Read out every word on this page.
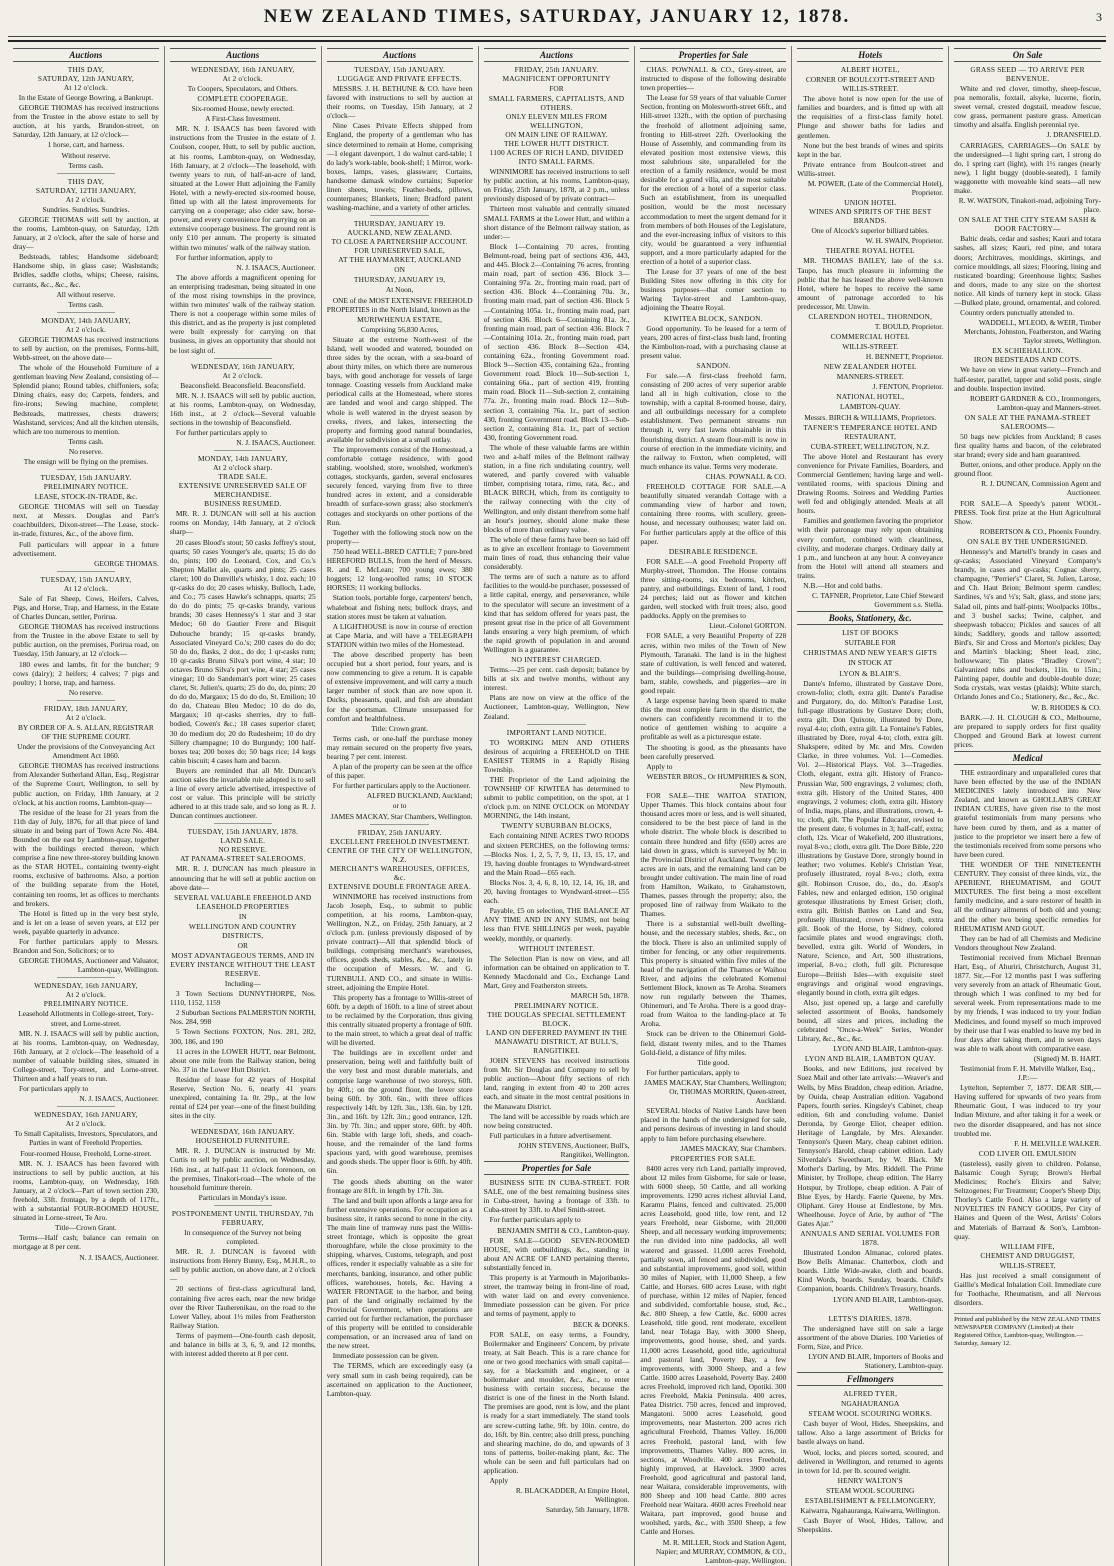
NEW ZEALAND TIMES, SATURDAY, JANUARY 12, 1878.	3
Auctions
THIS DAY,
SATURDAY, 12th JANUARY,
At 12 o'clock.
In the Estate of George Bowring, a Bankrupt.
GEORGE THOMAS has received instructions from the Trustee in the above estate to sell by auction, at his yards, Brandon-street, on Saturday, 12th January, at 12 o'clock—
1 horse, cart, and harness.
Without reserve.
Terms cash.
THIS DAY,
SATURDAY, 12TH JANUARY,
At 2 o'clock.
Sundries. Sundries. Sundries.
GEORGE THOMAS will sell by auction, at the rooms, Lambton-quay, on Saturday, 12th January, at 2 o'clock, after the sale of horse and dray—
Bedsteads, tables; Handsome sideboard; Handsome ship, in glass case; Washstands; Bridles, saddle cloths, whips; Cheese, raisins, currants, &c., &c., &c.
All without reserve.
Terms cash.
MONDAY, 14th JANUARY,
At 2 o'clock.
GEORGE THOMAS has received instructions to sell by auction, on the premises, Forms-hill, Webb-street, on the above date—
The whole of the Household Furniture of a gentleman leaving New Zealand, consisting of—Splendid piano; Round tables, chiffoniers, sofa; Dining chairs, easy do; Carpets, fenders, and fire-irons; Sewing machine, complete; Bedsteads, mattresses, chests drawers; Washstand, services; And all the kitchen utensils, which are too numerous to mention.
Terms cash.
No reserve.
The ensign will be flying on the premises.
TUESDAY, 15th JANUARY.
PRELIMINARY NOTICE.
LEASE, STOCK-IN-TRADE, &c.
GEORGE THOMAS will sell on Tuesday next, at Messrs. Douglas and Parr's coachbuilders, Dixon-street—The Lease, stock-in-trade, fixtures, &c., of the above firm.
Full particulars will appear in a future advertisement.
GEORGE THOMAS.
TUESDAY, 15th JANUARY,
At 12 o'clock.
Sale of Fat Sheep, Cows, Heifers, Calves, Pigs, and Horse, Trap, and Harness, in the Estate of Charles Duncan, settler, Porirua.
GEORGE THOMAS has received instructions from the Trustee in the above Estate to sell by public auction, on the premises, Porirua road, on Tuesday, 15th January, at 12 o'clock—
180 ewes and lambs, fit for the butcher; 9 cows (dairy); 2 heifers; 4 calves; 7 pigs and poultry; 1 horse, trap, and harness.
No reserve.
FRIDAY, 18th JANUARY,
At 2 o'clock.
BY ORDER OF A. S. ALLAN, REGISTRAR OF THE SUPREME COURT.
Under the provisions of the Conveyancing Act Amendment Act 1860.
GEORGE THOMAS has received instructions from Alexander Sutherland Allan, Esq., Registrar of the Supreme Court, Wellington, to sell by public auction, on Friday, 18th January, at 2 o'clock, at his auction rooms, Lambton-quay—
The residue of the lease for 21 years from the 11th day of July, 1876, for all that piece of land situate in and being part of Town Acre No. 484. Bounded on the east by Lambton-quay, together with the buildings erected thereon, which comprise a fine new three-storey building known as the STAR HOTEL, containing twenty-eight rooms, exclusive of bathrooms. Also, a portion of the building separate from the Hotel, containing ten rooms, let as offices to merchants and brokers.
The Hotel is fitted up in the very best style, and is let on a lease of seven years, at £12 per week, payable quarterly in advance.
For further particulars apply to Messrs. Brandon and Son, Solicitors; or to
GEORGE THOMAS, Auctioneer and Valuator, Lambton-quay, Wellington.
WEDNESDAY, 16th JANUARY,
At 2 o'clock.
PRELIMINARY NOTICE.
Leasehold Allotments in College-street, Tory-street, and Lorne-street.
MR. N. J. ISAACS will sell by public auction, at his rooms, Lambton-quay, on Wednesday, 16th January, at 2 o'clock—The leasehold of a number of valuable building sites, situated in College-street, Tory-street, and Lorne-street. Thirteen and a half years to run.
For particulars apply to
N. J. ISAACS, Auctioneer.
WEDNESDAY, 16th JANUARY,
At 2 o'clock.
To Small Capitalists, Investors, Speculators, and Parties in want of Freehold Properties.
Four-roomed House, Freehold, Lorne-street.
MR. N. J. ISAACS has been favored with instructions to sell by public auction, at his rooms, Lambton-quay, on Wednesday, 16th January, at 2 o'clock—Part of town section 230, freehold, 33ft. frontage, by a depth of 117ft., with a substantial FOUR-ROOMED HOUSE, situated in Lorne-street, Te Aro.
Title—Crown Grant.
Terms—Half cash; balance can remain on mortgage at 8 per cent.
N. J. ISAACS, Auctioneer.
Auctions
WEDNESDAY, 16th JANUARY,
At 2 o'clock.
To Coopers, Speculators, and Others.
COMPLETE COOPERAGE.
Six-roomed House, newly erected.
A First-Class Investment.
MR. N. J. ISAACS has been favored with instructions from the Trustee in the estate of J. Coulson, cooper, Hutt, to sell by public auction, at his rooms, Lambton-quay, on Wednesday, 16th January, at 2 o'clock—The leasehold, with twenty years to run, of half-an-acre of land, situated at the Lower Hutt adjoining the Family Hotel, with a newly-erected six-roomed house, fitted up with all the latest improvements for carrying on a cooperage; also cider saw, horse-power, and every convenience for carrying on an extensive cooperage business. The ground rent is only £10 per annum. The property is situated within two minutes' walk of the railway station.
For further information, apply to
N. J. ISAACS, Auctioneer.
The above affords a magnificent opening for an enterprising tradesman, being situated in one of the most rising townships in the province, within two minutes' walk of the railway station. There is not a cooperage within some miles of this district, and as the property is just completed were built expressly for carrying on that business, in gives an opportunity that should not be lost sight of.
WEDNESDAY, 16th JANUARY,
At 2 o'clock.
Beaconsfield. Beaconsfield. Beaconsfield.
MR. N. J. ISAACS will sell by public auction, at his rooms, Lambton-quay, on Wednesday, 16th inst., at 2 o'clock—Several valuable sections in the township of Beaconsfield.
For further particulars apply to
N. J. ISAACS, Auctioneer.
MONDAY, 14th JANUARY,
At 2 o'clock sharp.
TRADE SALE.
EXTENSIVE UNRESERVED SALE OF MERCHANDISE.
BUSINESS RESUMED.
MR. R. J. DUNCAN will sell at his auction rooms on Monday, 14th January, at 2 o'clock sharp—
20 cases Blood's stout; 50 casks Jeffrey's stout, quarts; 50 cases Younger's ale, quarts; 15 do do do, pints; 100 do Leonard, Cox, and Co.'s Shepton Mallet ale, quarts and pints; 25 cases claret; 100 do Dunville's whisky, 1 doz. each; 10 qr-casks do do; 20 cases whisky, Bulloch, Lade, and Co.; 75 cases Hawke's schnapps, quarts; 25 do do do pints; 75 qr-casks brandy, various brands; 30 cases Hennessy's 1 star and 3 star Medoc; 60 do Gautier Frere and Bisquit Dubouche brandy; 15 qr-casks brandy, Associated Vineyard Co.'s; 200 cases do do do; 50 do do, flasks, 2 doz., do do; 1 qr-casks rum; 10 qr-casks Bruno Silva's port wine, 4 star; 10 octaves Bruno Silva's port wine, 4 star; 25 cases vinegar; 10 do Sandeman's port wine; 25 cases claret, St. Julien's, quarts; 25 do do, do, pints; 20 do do do, Margaux; 15 do do do, St. Emilion; 10 do do, Chateau Bleu Medoc; 10 do do do, Margaux; 10 qr-casks sherries, dry to full-bodied, Cowen's &c.; 18 cases superior claret; 30 do medium do; 20 do Rudesheim; 10 do dry Sillery champagne; 10 do Burgundy; 100 half-boxes tea; 200 boxes do; 50 bags rice; 14 kegs cabin biscuit; 4 cases ham and bacon.
Buyers are reminded that all Mr. Duncan's auction sales the invariable rule adopted is to sell a line of every article advertised, irrespective of cost or value. This principle will be strictly adhered to at this trade sale, and so long as R. J. Duncan continues auctioneer.
TUESDAY, 15th JANUARY, 1878.
LAND SALE.
NO RESERVE.
AT PANAMA-STREET SALEROOMS.
MR. R. J. DUNCAN has much pleasure in announcing that he will sell at public auction on above date—
SEVERAL VALUABLE FREEHOLD AND LEASEHOLD PROPERTIES
IN
WELLINGTON AND COUNTRY DISTRICTS,
OR
MOST ADVANTAGEOUS TERMS, AND IN EVERY INSTANCE WITHOUT THE LEAST RESERVE.
Including—
3 Town Sections DUNNYTHORPE, Nos. 1110, 1152, 1159
2 Suburban Sections PALMERSTON NORTH, Nos. 284, 998
5 Town Sections FOXTON, Nos. 281, 282, 300, 186, and 190
11 acres in the LOWER HUTT, near Belmont, about one mile from the Railway station, being No. 37 in the Lower Hutt District.
Residue of lease for 42 years of Hospital Reserve, Section No. 6, nearly 41 years unexpired, containing 1a. 0r. 29p., at the low rental of £24 per year—one of the finest building sites in the city.
WEDNESDAY, 16th JANUARY.
HOUSEHOLD FURNITURE.
MR. R. J. DUNCAN is instructed by Mr. Curtis to sell by public auction, on Wednesday, 16th inst., at half-past 11 o'clock forenoon, on the premises, Tinakori-road—The whole of the household furniture therein.
Particulars in Monday's issue.
POSTPONEMENT UNTIL THURSDAY, 7th FEBRUARY,
In consequence of the Survey not being completed.
MR. R. J. DUNCAN is favored with instructions from Henry Bunny, Esq., M.H.R., to sell by public auction, on above date, at 2 o'clock—
20 sections of first-class agricultural land, containing five acres each, near the new bridge over the River Tauherenikau, on the road to the Lower Valley, about 1½ miles from Featherston Railway Station.
Terms of payment—One-fourth cash deposit, and balance in bills at 3, 6, 9, and 12 months, with interest added thereto at 8 per cent.
Auctions
TUESDAY, 15th JANUARY.
LUGGAGE AND PRIVATE EFFECTS.
MESSRS. J. H. BETHUNE & CO. have been favored with instructions to sell by auction at their rooms, on Tuesday, 15th January, at 2 o'clock—
Nine Cases Private Effects shipped from England, the property of a gentleman who has since determined to remain at Home, comprising—1 elegant davenport, 1 do walnut card-table; 1 do lady's work-table, book-shelf; 1 Mirror, work-boxes, lamps, vases, glassware; Curtains, handsome damask window curtains; Superior linen sheets, towels; Feather-beds, pillows, counterpanes; Blankets, linen; Bradford patent washing-machine, and a variety of other articles.
THURSDAY, JANUARY 19.
AUCKLAND, NEW ZEALAND.
TO CLOSE A PARTNERSHIP ACCOUNT.
FOR UNRESERVED SALE,
AT THE HAYMARKET, AUCKLAND
ON
THURSDAY, JANUARY 19,
At Noon,
ONE of the MOST EXTENSIVE FREEHOLD PROPERTIES in the North Island, known as the
MURIWHENUA ESTATE,
Comprising 56,830 Acres,
Situate at the extreme North-west of the Island, well wooded and watered, bounded on three sides by the ocean, with a sea-board of about thirty miles, on which there are numerous bays, with good anchorage for vessels of large tonnage. Coasting vessels from Auckland make periodical calls at the Homestead, where stores are landed and wool and cargo shipped. The whole is well watered in the dryest season by creeks, rivers, and lakes, intersecting the property and forming good natural boundaries, available for subdivision at a small outlay.
The improvements consist of the Homestead, a comfortable cottage residence, with good stabling, woolshed, store, woolshed, workmen's cottages, stockyards, garden, several enclosures securely fenced, varying from five to three hundred acres in extent, and a considerable breadth of surface-sown grass; also stockmen's cottages and stockyards on other portions of the Run.
Together with the following stock now on the property—
750 head WELL-BRED CATTLE; 7 pure-bred HEREFORD BULLS, from the herd of Messrs. R. and E. McLean; 700 young ewes; 380 hoggets; 12 long-woolled rams; 10 STOCK HORSES; 11 working bullocks.
Station tools, portable forge, carpenters' bench, whaleboat and fishing nets; bullock drays, and station stores must be taken at valuation.
A LIGHTHOUSE is now in course of erection at Cape Maria, and will have a TELEGRAPH STATION within two miles of the Homestead.
The above described property has been occupied but a short period, four years, and is now commencing to give a return. It is capable of extensive improvement, and will carry a much larger number of stock than are now upon it. Ducks, pheasants, quail, and fish are abundant for the sportsman. Climate unsurpassed for comfort and healthfulness.
Title: Crown grant.
Terms cash, or one-half the purchase money may remain secured on the property five years, bearing 7 per cent. interest.
A plan of the property can be seen at the office of this paper.
For further particulars apply to the Auctioneer.
ALFRED BUCKLAND, Auckland;
or to
JAMES MACKAY, Star Chambers, Wellington.
FRIDAY, 25th JANUARY.
EXCELLENT FREEHOLD INVESTMENT.
CENTRE OF THE CITY OF WELLINGTON, N.Z.
MERCHANT'S WAREHOUSES, OFFICES, &c.
EXTENSIVE DOUBLE FRONTAGE AREA.
WINNIMORE has received instructions from Jacob Joseph, Esq., to submit to public competition, at his rooms, Lambton-quay, Wellington, N.Z., on Friday, 25th January, at 2 o'clock p.m. (unless previously disposed of by private contract)—All that splendid block of buildings, comprising merchant's warehouses, offices, goods sheds, stables, &c., &c., lately in the occupation of Messrs. W. and G. TURNBULL AND CO., and situate in Willis-street, adjoining the Empire Hotel.
This property has a frontage to Willis-street of 60ft. by a depth of 160ft. to a line of street about to be reclaimed by the Corporation, thus giving this centrally situated property a frontage of 60ft. to the main street, to which a great deal of traffic will be diverted.
The buildings are in excellent order and preservation, being well and faithfully built of the very best and most durable materials, and comprise large warehouse of two storeys, 60ft. by 40ft.; on the ground floor, the lower store being 60ft. by 30ft. 6in., with three offices respectively 14ft. by 12ft. 3in., 13ft. 6in. by 12ft. 3in., and 16ft. by 12ft. 3in.; good entrance, 12ft. 3in. by 7ft. 3in.; and upper store, 60ft. by 40ft. 6in. Stable with large loft, sheds, and coach-house, and the remainder of the land forms spacious yard, with good warehouse, premises and goods sheds. The upper floor is 60ft. by 40ft. 6in.
The goods sheds abutting on the water frontage are 81ft. in length by 17ft. 3in.
The land and built upon affords a large area for further extensive operations. For occupation as a business site, it ranks second to none in the city. The main line of tramway runs past the Willis-street frontage, which is opposite the great thoroughfare, while the close proximity to the shipping, wharves, Customs, telegraph, and post offices, render it especially valuable as a site for merchants, banking, insurance, and other public offices, warehouses, hotels, &c. Having a WATER FRONTAGE to the harbor, and being part of the land originally reclaimed by the Provincial Government, when operations are carried out for further reclamation, the purchaser of this property will be entitled to considerable compensation, or an increased area of land on the new street.
Immediate possession can be given.
The TERMS, which are exceedingly easy (a very small sum in cash being required), can be ascertained on application to the Auctioneer, Lambton-quay.
Auctions
FRIDAY, 25th JANUARY.
MAGNIFICENT OPPORTUNITY
FOR
SMALL FARMERS, CAPITALISTS, AND OTHERS.
ONLY ELEVEN MILES FROM WELLINGTON,
ON MAIN LINE OF RAILWAY.
THE LOWER HUTT DISTRICT.
1100 ACRES OF RICH LAND, DIVIDED INTO SMALL FARMS.
WINNIMORE has received instructions to sell by public auction, at his rooms, Lambton-quay, on Friday, 25th January, 1878, at 2 p.m., unless previously disposed of by private contract—
Thirteen most valuable and centrally situated SMALL FARMS at the Lower Hutt, and within a short distance of the Belmont railway station, as under:—
Block 1—Containing 70 acres, fronting Belmont-road, being part of sections 436, 443, and 445. Block 2—Containing 76 acres, fronting main road, part of section 436. Block 3—Containing 97a. 2r., fronting main road, part of section 436. Block 4—Containing 70a. 3r., fronting main road, part of section 436. Block 5—Containing 105a. 1r., fronting main road, part of section 436. Block 6—Containing 81a. 3r., fronting main road, part of section 436. Block 7—Containing 101a. 2r., fronting main road, part of section 436. Block 8—Section 434, containing 62a., fronting Government road. Block 9—Section 435, containing 62a., fronting Government road. Block 10—Sub-section 1, containing 66a., part of section 419, fronting main road. Block 11—Sub-section 2, containing 77a. 2r., fronting main road. Block 12—Sub-section 3, containing 76a. 1r., part of section 430, fronting Government road. Block 13—Sub-section 2, containing 81a. 1r., part of section 430, fronting Government road.
The whole of these valuable farms are within two and a-half miles of the Belmont railway station, in a fine rich undulating country, well watered, and partly covered with valuable timber, comprising totara, rimu, rata, &c., and BLACK BIRCH, which, from its contiguity to the railway connecting with the city of Wellington, and only distant therefrom some half an hour's journey, should alone make these blocks of more than ordinary value.
The whole of these farms have been so laid off as to give an excellent frontage to Government main lines of road, thus enhancing their value considerably.
The terms are of such a nature as to afford facilities to the would-be purchaser, possessed of a little capital, energy, and perseverance, while to the speculator will secure an investment of a kind that has seldom offered for years past, the present great rise in the price of all Government lands ensuring a very high premium, of which the rapid growth of population in and around Wellington is a guarantee.
NO INTEREST CHARGED.
Terms.—25 per cent. cash deposit; balance by bills at six and twelve months, without any interest.
Plans are now on view at the office of the Auctioneer, Lambton-quay, Wellington, New Zealand.
IMPORTANT LAND NOTICE.
TO WORKING MEN AND OTHERS desirous of acquiring a FREEHOLD on THE EASIEST TERMS in a Rapidly Rising Township.
THE Proprietor of the Land adjoining the TOWNSHIP OF KIWITEA has determined to submit to public competition, on the spot, at 1 o'clock p.m. on NINE O'CLOCK on MONDAY MORNING, the 14th instant,
TWENTY SUBURBAN BLOCKS,
Each containing NINE ACRES TWO ROODS and sixteen PERCHES, on the following terms:—Blocks Nos. 1, 2, 5, 7, 9, 11, 13, 15, 17, and 19, having double frontages to Wyndward-street and the Main Road—£65 each.
Blocks Nos. 3, 4, 6, 8, 10, 12, 14, 16, 18, and 20, having frontages to Wyndward-street—£55 each.
Payable, £5 on selection, THE BALANCE AT ANY TIME AND IN ANY SUMS, not being less than FIVE SHILLINGS per week, payable weekly, monthly, or quarterly.
WITHOUT INTEREST.
The Selection Plan is now on view, and all information can be obtained on application to T. Kennedy Macdonald and Co., Exchange Land Mart, Grey and Featherston streets.
MARCH 5th, 1878.
PRELIMINARY NOTICE.
THE DOUGLAS SPECIAL SETTLEMENT BLOCK.
LAND ON DEFERRED PAYMENT IN THE MANAWATU DISTRICT, AT BULL'S, RANGITIKEI.
JOHN STEVENS has received instructions from Mr. Sir Douglas and Company to sell by public auction—About fifty sections of rich land, ranging in extent from 40 to 200 acres each, and situate in the most central positions in the Manawatu District.
The land will be accessible by roads which are now being constructed.
Full particulars in a future advertisement.
JOHN STEVENS, Auctioneer, Bull's, Rangitikei, Wellington.
Properties for Sale
BUSINESS SITE IN CUBA-STREET. FOR SALE, one of the best remaining business sites in Cuba-street, having a frontage of 33ft. to Cuba-street by 33ft. to Abel Smith-street.
For further particulars apply to
BENJAMIN SMITH & CO., Lambton-quay.
FOR SALE—GOOD SEVEN-ROOMED HOUSE, with outbuildings, &c., standing in about AN ACRE OF LAND pertaining thereto, substantially fenced in.
This property is at Yarmouth in Majoribanks-street, the tramway being in front-line of road, with water laid on and every convenience. Immediate possession can be given. For price and terms of payment, apply to
BECK & DONKS.
FOR SALE, on easy terms, a Foundry, Boilermaker and Engineers' Concern, by private treaty, at Salt Beach. This is a rare chance for one or two good mechanics with small capital—say, for a blacksmith and engineer, or a boilermaker and moulder, &c., &c., to enter business with certain success, because the district is one of the finest in the North Island. The premises are good, rent is low, and the plant is ready for a start immediately. The stand tools are screw-cutting lathe, 9ft. by 10in. centre, do do, 16ft. by 8in. centre; also drill press, punching and shearing machine, do do, and upwards of 3 tons of patterns, boiler-making plant, &c. The whole can be seen and full particulars had on application.
Apply
R. BLACKADDER, At Empire Hotel, Wellington.
Saturday, 5th January, 1878.
Properties for Sale
CHAS. POWNALL & CO., Grey-street, are instructed to dispose of the following desirable town properties—
The Lease for 59 years of that valuable Corner Section, fronting on Molesworth-street 66ft., and Hill-street 132ft., with the option of purchasing the freehold of allotment adjoining same, fronting to Hill-street 22ft. Overlooking the House of Assembly, and commanding from its elevated position most extensive views, this most salubrious site, unparalleled for the erection of a family residence, would be most desirable for a grand villa, and the most suitable for the erection of a hotel of a superior class. Such an establishment, from its unequalled position, would be the most necessary accommodation to meet the urgent demand for it from members of both Houses of the Legislature, and the ever-increasing influx of visitors to this city, would be guaranteed a very influential support, and a more particularly adapted for the erection of a hotel of a superior class.
The Lease for 37 years of one of the best Building Sites now offering in this city for business purposes—that corner section to Waring Taylor-street and Lambton-quay, adjoining the Theatre Royal.
KIWITEA BLOCK, SANDON.
Good opportunity. To be leased for a term of years, 200 acres of first-class bush land, fronting the Kimbolton-road, with a purchasing clause at present value.
SANDON.
For sale.—A first-class freehold farm, consisting of 200 acres of very superior arable land all in high cultivation, close to the township, with a capital 8-roomed house, dairy, and all outbuildings necessary for a complete establishment. Two permanent streams run through it, very fast lawns obtainable in this flourishing district. A steam flour-mill is now in course of erection in the immediate vicinity, and the railway to Foxton, when completed, will much enhance its value. Terms very moderate.
CHAS. POWNALL & CO.
FREEHOLD COTTAGE FOR SALE.—A beautifully situated verandah Cottage with a commanding view of harbor and town, containing three rooms, with scullery, green-house, and necessary outhouses; water laid on. For further particulars apply at the office of this paper.
DESIRABLE RESIDENCE.
FOR SALE.—A good Freehold Property off Murphy-street, Thorndon. The House contains three sitting-rooms, six bedrooms, kitchen, pantry, and outbuildings. Extent of land, 1 rood 24 perches; laid out as flower and kitchen garden, well stocked with fruit trees; also, good paddocks. Apply on the premises to
Lieut.-Colonel GORTON.
FOR SALE, a very Beautiful Property of 228 acres, within two miles of the Town of New Plymouth, Taranaki. The land is in the highest state of cultivation, is well fenced and watered, and the buildings—comprising dwelling-house, barn, stable, cowsheds, and piggeries—are in good repair.
A large expense having been spared to make this the most complete farm in the district, the owners can confidently recommend it to the notice of gentlemen wishing to acquire a profitable as well as a picturesque estate.
The shooting is good, as the pheasants have been carefully preserved.
Apply to
WEBSTER BROS., Or HUMPHRIES & SON, New Plymouth.
FOR SALE—THE WAITOA STATION, Upper Thames. This block contains about four thousand acres more or less, and is well situated, considered to be the best piece of land in the whole district. The whole block is described to contain three hundred and fifty (650) acres are laid down in grass, which is surveyed by Mr. in the Provincial District of Auckland. Twenty (20) acres are in oats, and the remaining land can be brought under cultivation. The main line of road from Hamilton, Waikato, to Grahamstown, Thames, passes through the property; also, the proposed line of railway from Waikato to the Thames.
There is a substantial well-built dwelling-house, and the necessary stables, sheds, &c., on the block. There is also an unlimited supply of timber for fencing, or any other requirements. This property is situated within five miles of the head of the navigation of the Thames or Waihou River, and adjoins the celebrated Komenui Settlement Block, known as Te Aroha. Steamers now run regularly between the Thames, Ohinemuri, and Te Aroha. There is a good dray-road from Waitoa to the landing-place at Te Aroha.
Stock can be driven to the Ohinemuri Gold-field, distant twenty miles, and to the Thames Gold-field, a distance of fifty miles.
Title good.
For further particulars, apply to
JAMES MACKAY, Star Chambers, Wellington; Or, THOMAS MORRIN, Queen-street, Auckland.
SEVERAL blocks of Native Lands have been placed in the hands of the undersigned for sale, and persons desirous of investing in land should apply to him before purchasing elsewhere.
JAMES MACKAY, Star Chambers.
PROPERTIES FOR SALE.
8400 acres very rich Land, partially improved, about 12 miles from Gisborne, for sale or lease, with 6000 sheep, 50 Cattle, and all working improvements. 1290 acres richest alluvial Land, Karamu Plains, fenced and cultivated. 25,000 acres Leasehold, good title, low rent, and 12 years Freehold, near Gisborne, with 20,000 Sheep, and all necessary working improvements; the run divided into nine paddocks, all well watered and grassed. 11,000 acres Freehold, partially sown, all fenced and subdivided, good and substantial improvements, good soil, within 30 miles of Napier, with 11,000 Sheep, a few Cattle, and Horses. 600 acres Lease, with right of purchase, within 12 miles of Napier, fenced and subdivided, comfortable house, stud, &c., &c. 800 Sheep, a few Cattle, &c. 6000 acres Leasehold, title good, rent moderate, excellent land, near Tolaga Bay, with 3000 Sheep, improvements, good house, shed, and yards. 11,000 acres Leasehold, good title, agricultural and pastoral land, Poverty Bay, a few improvements, with 3000 Sheep, and a few Cattle. 1600 acres Leasehold, Poverty Bay. 2400 acres Freehold, improved rich land, Opotiki. 300 acres Freehold, Makia Peninsula. 400 acres, Patea District. 750 acres, fenced and improved, Mangatoni. 5000 acres Leasehold, good improvements, near Masterton. 200 acres rich agricultural Freehold, Thames Valley. 16,000 acres Freehold, pastoral land, with few improvements, Thames Valley. 800 acres, in sections, at Woodville. 400 acres Freehold, highly improved, at Havelock. 3900 acres Freehold, good agricultural and pastoral land, near Waitara, considerable improvements, with 800 Sheep and 100 head Cattle. 800 acres Freehold near Waitara. 4600 acres Freehold near Waitara, part improved, good house and woolshed, yards, &c., with 3500 Sheep, a few Cattle and Horses.
M. R. MILLER, Stock and Station Agent, Napier; and MURRAY, COMMON, & CO., Lambton-quay, Wellington.
Hotels
ALBERT HOTEL,
CORNER OF BOULCOTT-STREET AND WILLIS-STREET.
The above hotel is now open for the use of families and boarders, and is fitted up with all the requisities of a first-class family hotel. Plunge and shower baths for ladies and gentlemen.
None but the best brands of wines and spirits kept in the bar.
Private entrance from Boulcott-street and Willis-street.
M. POWER, (Late of the Commercial Hotel), Proprietor.
UNION HOTEL
WINES AND SPIRITS OF THE BEST BRANDS.
One of Alcock's superior billiard tables.
W. H. SWAIN, Proprietor.
THEATRE ROYAL HOTEL
MR. THOMAS BAILEY, late of the s.s. Taupo, has much pleasure in informing the public that he has leased the above well-known Hotel, where he hopes to receive the same amount of patronage accorded to his predecessor, Mr. Unwin.
CLARENDON HOTEL, THORNDON,
T. BOULD, Proprietor.
COMMERCIAL HOTEL
WILLIS-STREET.
H. BENNETT, Proprietor.
NEW ZEALANDER HOTEL
MANNERS-STREET.
J. FENTON, Proprietor.
NATIONAL HOTEL,
LAMBTON-QUAY.
Messrs. BIRCH & WILLIAMS, Proprietors.
TAFNER'S TEMPERANCE HOTEL AND RESTAURANT,
CUBA-STREET, WELLINGTON, N.Z.
The above Hotel and Restaurant has every convenience for Private Families, Boarders, and Commercial Gentlemen; having large and well-ventilated rooms, with spacious Dining and Drawing Rooms. Soirees and Wedding Parties well fed and obligingly attended. Meals at all hours.
Families and gentlemen favoring the proprietor with their patronage may rely upon obtaining every comfort, combined with cleanliness, civility, and moderate charges. Ordinary daily at 1 p.m., and luncheon at any hour. A conveyance from the Hotel will attend all steamers and trains.
N.B.—Hot and cold baths.
C. TAFNER, Proprietor, Late Chief Steward Government s.s. Stella.
Books, Stationery, &c.
LIST OF BOOKS
SUITABLE FOR
CHRISTMAS AND NEW YEAR'S GIFTS
IN STOCK AT
LYON & BLAIR'S.
Dante's Inferno, illustrated by Gustave Dore, crown-folio; cloth, extra gilt. Dante's Paradise and Purgatory, do, do. Milton's Paradise Lost, full-page illustrations by Gustave Dore; cloth, extra gilt. Don Quixote, illustrated by Dore, royal 4-to; cloth, extra gilt. La Fontaine's Fables, illustrated by Dore, royal 4-to; cloth, extra gilt. Shakspere, edited by Mr. and Mrs. Cowden Clarke, in three volumes. Vol. 1—Comedies. Vol. 2—Historical Plays. Vol. 3—Tragedies. Cloth, elegant, extra gilt. History of Franco-Prussian War, 500 engravings, 2 volumes; cloth, extra gilt. History of the United States, 400 engravings, 2 volumes; cloth, extra gilt. History of India, maps, plans, and illustrations, crown, 4-to; cloth, gilt. The Popular Educator, revised to the present date, 6 volumes in 3; half-calf, extra; cloth, 12s. Vicar of Wakefield, 200 illustrations, royal 8-vo.; cloth, extra gilt. The Dore Bible, 220 illustrations by Gustave Dore, strongly bound in leather; two volumes. Keble's Christian Year, profusely illustrated, royal 8-vo.; cloth, extra gilt. Robinson Crusoe, do., do., do. Æsop's Fables, new and enlarged edition, 150 original grotesque illustrations by Ernest Griset; cloth, extra gilt. British Battles on Land and Sea, profusely illustrated, crown 4-to; cloth, extra gilt. Book of the Horse, by Sidney, colored facsimile plates and wood engravings; cloth, bevelled, extra gilt. World of Wonders, in Nature, Science, and Art, 500 illustrations, imperial, 8-vo.; cloth, full gilt. Picturesque Europe—British Isles—with exquisite steel engravings and original wood engravings, elegantly bound in cloth, extra gilt edges.
Also, just opened up, a large and carefully selected assortment of Books, handsomely bound, all sizes and prices, including the celebrated "Once-a-Week" Series, Wonder Library, &c., &c., &c.
LYON AND BLAIR, Lambton-quay.
LYON AND BLAIR, LAMBTON QUAY.
Books, and new Editions, just received by Suez Mail and other late arrivals:—Weaver's and Wells, by Miss Braddon, cheap edition. Ariadne, by Ouida, cheap Australian edition. Vagabond Papers, fourth series. Kingsley's Cabinet, cheap edition, 6th and concluding volume. Daniel Deronda, by George Eliot, cheaper edition. Heritage of Langdale, by Mrs. Alexander. Tennyson's Queen Mary, cheap cabinet edition. Tennyson's Harold, cheap cabinet edition. Lady Silverdale's Sweetheart, by W. Black. Mr Mother's Darling, by Mrs. Riddell. The Prime Minister, by Trollope, cheap edition. The Harry Hotspur, by Trollope, cheap edition. A Pair of Blue Eyes, by Hardy. Faerie Queene, by Mrs. Oliphant. Grey House at Endlestone, by Mrs. Wheelhouse. Joyce of Arie, by author of "The Gates Ajar."
ANNUALS AND SERIAL VOLUMES FOR 1878.
Illustrated London Almanac, colored plates. Bow Bells Almanac. Chatterbox, cloth and boards. Little Wide-awake, cloth and boards. Kind Words, boards. Sunday, boards. Child's Companion, boards. Children's Treasury, boards.
LYON AND BLAIR, Lambton-quay, Wellington.
LETTS'S DIARIES, 1878.
The undersigned have still on sale a large assortment of the above Diaries. 100 Varieties of Form, Size, and Price.
LYON AND BLAIR, Importers of Books and Stationery, Lambton-quay.
Fellmongers
ALFRED TYER,
NGAHAURANGA
STEAM WOOL SCOURING WORKS.
Cash buyer of Wool, Hides, Sheepskins, and tallow. Also a large assortment of Bricks for bastle always on hand.
Wool, locks, and pieces sorted, scoured, and delivered in Wellington, and returned to agents in town for 1d. per lb. scoured weight.
HENRY WALTON'S
STEAM WOOL SCOURING
ESTABLISHMENT & FELLMONGERY,
Kaiwarra, Ngahauranga, Kaiwarra, Wellington.
Cash Buyer of Wool, Hides, Tallow, and Sheepskins.
On Sale
GRASS SEED — TO ARRIVE PER BENVENUE.
White and red clover, timothy, sheep-fescue, poa nemoralis, foxtail, alsyke, lucerne, fiorin, sweet vernal, crested dogstail, meadow fescue, cow grass, permanent pasture grass. American timothy and alsalfa. English perennial rye.
J. DRANSFIELD.
CARRIAGES, CARRIAGES—On SALE by the undersigned—1 light spring cart, 1 strong do do, 1 spring cart (light), with 1½ ranges (nearly new), 1 light buggy (double-seated), 1 family waggonette with moveable kind seats—all new make.
R. W. WATSON, Tinakori-road, adjoining Tory-place.
ON SALE AT THE CITY STEAM SASH & DOOR FACTORY—
Baltic deals, cedar and sashes; Kauri and totara sashes, all sizes; Kauri, red pine, and totara doors; Architraves, mouldings, skirtings, and cornice mouldings, all sizes; Flooring, lining and rusticated boarding; Greenhouse lights; Sashes and doors, made to any size on the shortest notice. All kinds of turnery kept in stock. Glass—Bulked plate, ground, ornamental, and colored.
Country orders punctually attended to.
WADDELL, M'LEOD, & WEIR, Timber Merchants, Johnston, Featherston, and Waring Taylor streets, Wellington.
EX SCHIEHALLION.
IRON BEDSTEADS AND COTS.
We have on view in great variety—French and half-tester, parallel, tapper and solid posts, single and double. Inspection invited.
ROBERT GARDNER & CO., Ironmongers, Lambton-quay and Manners-street.
ON SALE AT THE PANAMA-STREET SALEROOMS—
50 bags new pickles from Auckland; 8 cases first quality hams and bacon, of the celebrated star brand; every side and ham guaranteed.
Butter, onions, and other produce. Apply on the ground floor.
R. J. DUNCAN, Commission Agent and Auctioneer.
FOR SALE—A Speedy's patent WOOL-PRESS. Took first prize at the Hutt Agricultural Show.
ROBERTSON & CO., Phoenix Foundry.
ON SALE BY THE UNDERSIGNED.
Hennessy's and Martell's brandy in cases and qr-casks; Associated Vineyard Company's brandy, in cases and qr-casks; Cognac sherry, champagne, "Perrier's" Claret, St. Julien, Larose, and Ch. Haut Brion; Belmont sperm candles; Sardines, ¼'s and ½'s; Salt, glass, and stone jars; Salad oil, pints and half-pints; Woolpacks 10lbs., and 3 bushel sacks; Twine, calpher, and sheepwash tobacco; Pickles and sauces of all kinds; Saddlery, goods and tallow assorted; Bird's, Sir and Cross and Morton's pickles; Day and Martin's blacking; Sheet lead, zinc, hollowware; Tin plates "Bradley Crown"; Galvanized tubs and buckets, 11in. to 15in.; Painting paper, double and double-double doze; Soda crystals, wax vestas (plaids); White starch, Orlando Jones and Co.; Stationery, &c., &c., &c.
W. B. RHODES & CO.
BARK.—J. H. CLOUGH & CO., Melbourne, are prepared to supply orders for first quality Chopped and Ground Bark at lowest current prices.
Medical
THE extraordinary and unparalleled cures that have been effected by the use of the INDIAN MEDICINES lately introduced into New Zealand, and known as GHOLLAB'S GREAT INDIAN CURES, have given rise to the most grateful testimonials from many persons who have been cured by them, and as a matter of justice to the proprietor we insert here a few of the testimonials received from some persons who have been cured.
THE WONDER OF THE NINETEENTH CENTURY. They consist of three kinds, viz., the APERIENT, RHEUMATISM, and GOUT MIXTURES. The first being a most excellent family medicine, and a sure restorer of health in all the ordinary ailments of both old and young; and the other two being specific remedies for RHEUMATISM AND GOUT.
They can be had of all Chemists and Medicine Vendors throughout New Zealand.
Testimonial received from Michael Brennan Hart, Esq., of Ahuriri, Christchurch, August 31, 1877. Sir,—For 12 months past I was suffering very severely from an attack of Rheumatic Gout, through which I was confined to my bed for several week. From representations made to me by my friends, I was induced to try your Indian Medicines, and found myself so much improved by their use that I was enabled to leave my bed in four days after taking them, and in seven days was able to walk about with comparative ease.
(Signed) M. B. HART.
Testimonial from F. H. Melville Walker, Esq., J.P.:—
Lyttelton, September 7, 1877. DEAR SIR,—Having suffered for upwards of two years from Rheumatic Gout, I was induced to try your Indian Mixture, and after taking it for a week or two the disorder disappeared, and has not since troubled me.
F. H. MELVILLE WALKER.
COD LIVER OIL EMULSION
(tasteless), easily given to children. Polanse, Balsamic Cough Syrup; Brown's Herbal Medicines; Roche's Elixirs and Salve; Seltzogenes; Fur Treatment; Cooper's Sheep Dip; Thorley's Cattle Food. Also a large variety of NOVELTIES IN FANCY GOODS, Per City of Haines and Queen of the West, Artists' Colors and Materials of Barraud & Son's, Lambton-quay.
WILLIAM FIFE,
CHEMIST AND DRUGGIST,
WILLIS-STREET,
Has just received a small consignment of Gaillie's Medical Inhalation Coil. Immediate cure for Toothache, Rheumatism, and all Nervous disorders.
Printed and published by the NEW ZEALAND TIMES NEWSPAPER COMPANY (Limited) at their Registered Office, Lambton-quay, Wellington.—Saturday, January 12.
